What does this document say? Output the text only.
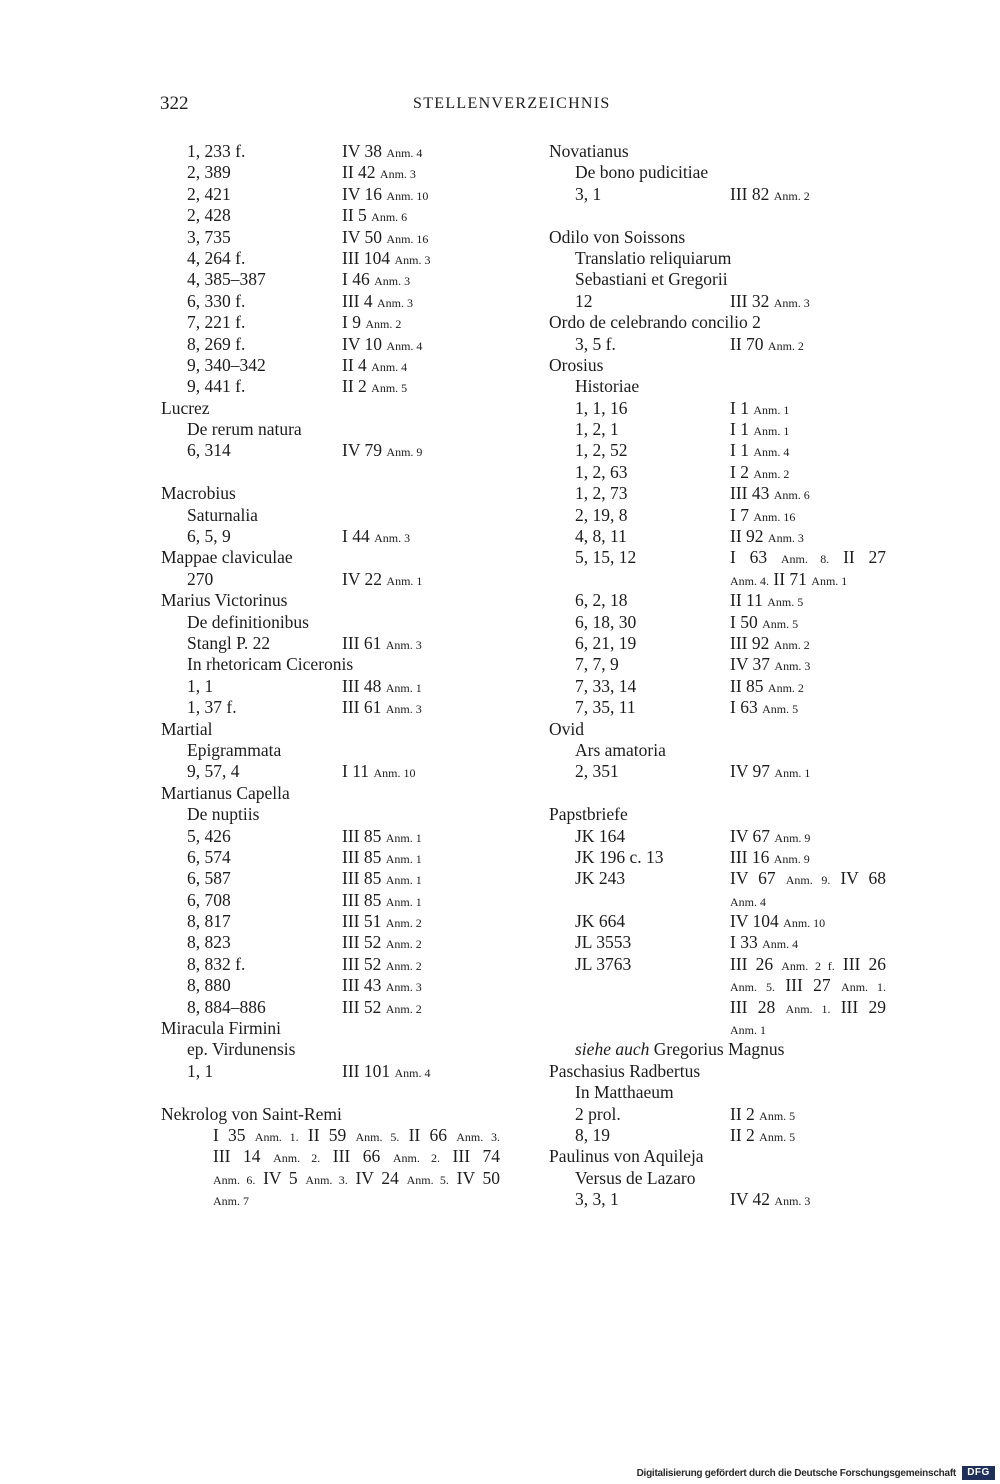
322	STELLENVERZEICHNIS
1, 233 f.	IV 38 Anm. 4
2, 389	II 42 Anm. 3
2, 421	IV 16 Anm. 10
2, 428	II 5 Anm. 6
3, 735	IV 50 Anm. 16
4, 264 f.	III 104 Anm. 3
4, 385–387	I 46 Anm. 3
6, 330 f.	III 4 Anm. 3
7, 221 f.	I 9 Anm. 2
8, 269 f.	IV 10 Anm. 4
9, 340–342	II 4 Anm. 4
9, 441 f.	II 2 Anm. 5
Lucrez
De rerum natura
6, 314	IV 79 Anm. 9
Macrobius
Saturnalia
6, 5, 9	I 44 Anm. 3
Mappae claviculae
270	IV 22 Anm. 1
Marius Victorinus
De definitionibus
Stangl P. 22	III 61 Anm. 3
In rhetoricam Ciceronis
1, 1	III 48 Anm. 1
1, 37 f.	III 61 Anm. 3
Martial
Epigrammata
9, 57, 4	I 11 Anm. 10
Martianus Capella
De nuptiis
5, 426	III 85 Anm. 1
6, 574	III 85 Anm. 1
6, 587	III 85 Anm. 1
6, 708	III 85 Anm. 1
8, 817	III 51 Anm. 2
8, 823	III 52 Anm. 2
8, 832 f.	III 52 Anm. 2
8, 880	III 43 Anm. 3
8, 884–886	III 52 Anm. 2
Miracula Firmini
ep. Virdunensis
1, 1	III 101 Anm. 4
Nekrolog von Saint-Remi
I 35 Anm. 1. II 59 Anm. 5. II 66 Anm. 3.
III 14 Anm. 2. III 66 Anm. 2. III 74
Anm. 6. IV 5 Anm. 3. IV 24 Anm. 5. IV 50
Anm. 7
Novatianus
De bono pudicitiae
3, 1	III 82 Anm. 2
Odilo von Soissons
Translatio reliquiarum
Sebastiani et Gregorii
12	III 32 Anm. 3
Ordo de celebrando concilio 2
3, 5 f.	II 70 Anm. 2
Orosius
Historiae
1, 1, 16	I 1 Anm. 1
1, 2, 1	I 1 Anm. 1
1, 2, 52	I 1 Anm. 4
1, 2, 63	I 2 Anm. 2
1, 2, 73	III 43 Anm. 6
2, 19, 8	I 7 Anm. 16
4, 8, 11	II 92 Anm. 3
5, 15, 12	I 63 Anm. 8. II 27
Anm. 4. II 71 Anm. 1
6, 2, 18	II 11 Anm. 5
6, 18, 30	I 50 Anm. 5
6, 21, 19	III 92 Anm. 2
7, 7, 9	IV 37 Anm. 3
7, 33, 14	II 85 Anm. 2
7, 35, 11	I 63 Anm. 5
Ovid
Ars amatoria
2, 351	IV 97 Anm. 1
Papstbriefe
JK 164	IV 67 Anm. 9
JK 196 c. 13	III 16 Anm. 9
JK 243	IV 67 Anm. 9. IV 68
Anm. 4
JK 664	IV 104 Anm. 10
JL 3553	I 33 Anm. 4
JL 3763	III 26 Anm. 2 f. III 26
Anm. 5. III 27 Anm. 1.
III 28 Anm. 1. III 29
Anm. 1
siehe auch Gregorius Magnus
Paschasius Radbertus
In Matthaeum
2 prol.	II 2 Anm. 5
8, 19	II 2 Anm. 5
Paulinus von Aquileja
Versus de Lazaro
3, 3, 1	IV 42 Anm. 3
Digitalisierung gefördert durch die Deutsche Forschungsgemeinschaft	DFG
